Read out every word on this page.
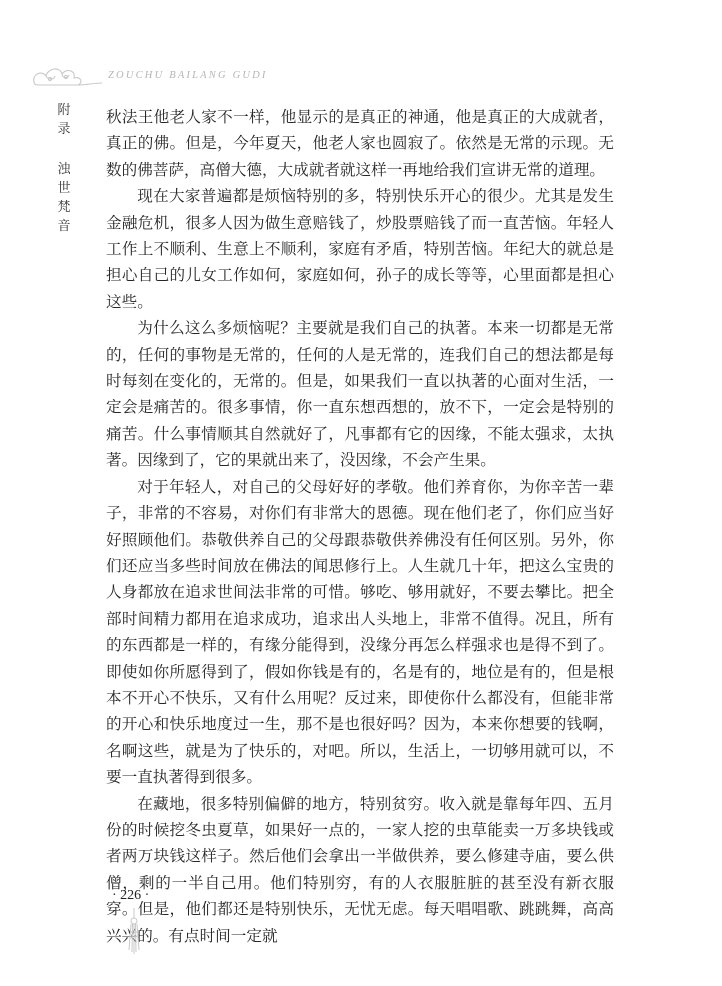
ZOUCHU BAILANG GUDI
附
录
浊
世
梵
音

秋法王他老人家不一样，他显示的是真正的神通，他是真正的大成就者，真正的佛。但是，今年夏天，他老人家也圆寂了。依然是无常的示现。无数的佛菩萨，高僧大德，大成就者就这样一再地给我们宣讲无常的道理。

现在大家普遍都是烦恼特别的多，特别快乐开心的很少。尤其是发生金融危机，很多人因为做生意赔钱了，炒股票赔钱了而一直苦恼。年轻人工作上不顺利、生意上不顺利，家庭有矛盾，特别苦恼。年纪大的就总是担心自己的儿女工作如何，家庭如何，孙子的成长等等，心里面都是担心这些。

为什么这么多烦恼呢？主要就是我们自己的执著。本来一切都是无常的，任何的事物是无常的，任何的人是无常的，连我们自己的想法都是每时每刻在变化的，无常的。但是，如果我们一直以执著的心面对生活，一定会是痛苦的。很多事情，你一直东想西想的，放不下，一定会是特别的痛苦。什么事情顺其自然就好了，凡事都有它的因缘，不能太强求，太执著。因缘到了，它的果就出来了，没因缘，不会产生果。

对于年轻人，对自己的父母好好的孝敬。他们养育你，为你辛苦一辈子，非常的不容易，对你们有非常大的恩德。现在他们老了，你们应当好好照顾他们。恭敬供养自己的父母跟恭敬供养佛没有任何区别。另外，你们还应当多些时间放在佛法的闻思修行上。人生就几十年，把这么宝贵的人身都放在追求世间法非常的可惜。够吃、够用就好，不要去攀比。把全部时间精力都用在追求成功，追求出人头地上，非常不值得。况且，所有的东西都是一样的，有缘分能得到，没缘分再怎么样强求也是得不到了。即使如你所愿得到了，假如你钱是有的，名是有的，地位是有的，但是根本不开心不快乐，又有什么用呢？反过来，即使你什么都没有，但能非常的开心和快乐地度过一生，那不是也很好吗？因为，本来你想要的钱啊，名啊这些，就是为了快乐的，对吧。所以，生活上，一切够用就可以，不要一直执著得到很多。

在藏地，很多特别偏僻的地方，特别贫穷。收入就是靠每年四、五月份的时候挖冬虫夏草，如果好一点的，一家人挖的虫草能卖一万多块钱或者两万块钱这样子。然后他们会拿出一半做供养，要么修建寺庙，要么供僧，剩的一半自己用。他们特别穷，有的人衣服脏脏的甚至没有新衣服穿。但是，他们都还是特别快乐，无忧无虑。每天唱唱歌、跳跳舞，高高兴兴的。有点时间一定就

· 226 ·
